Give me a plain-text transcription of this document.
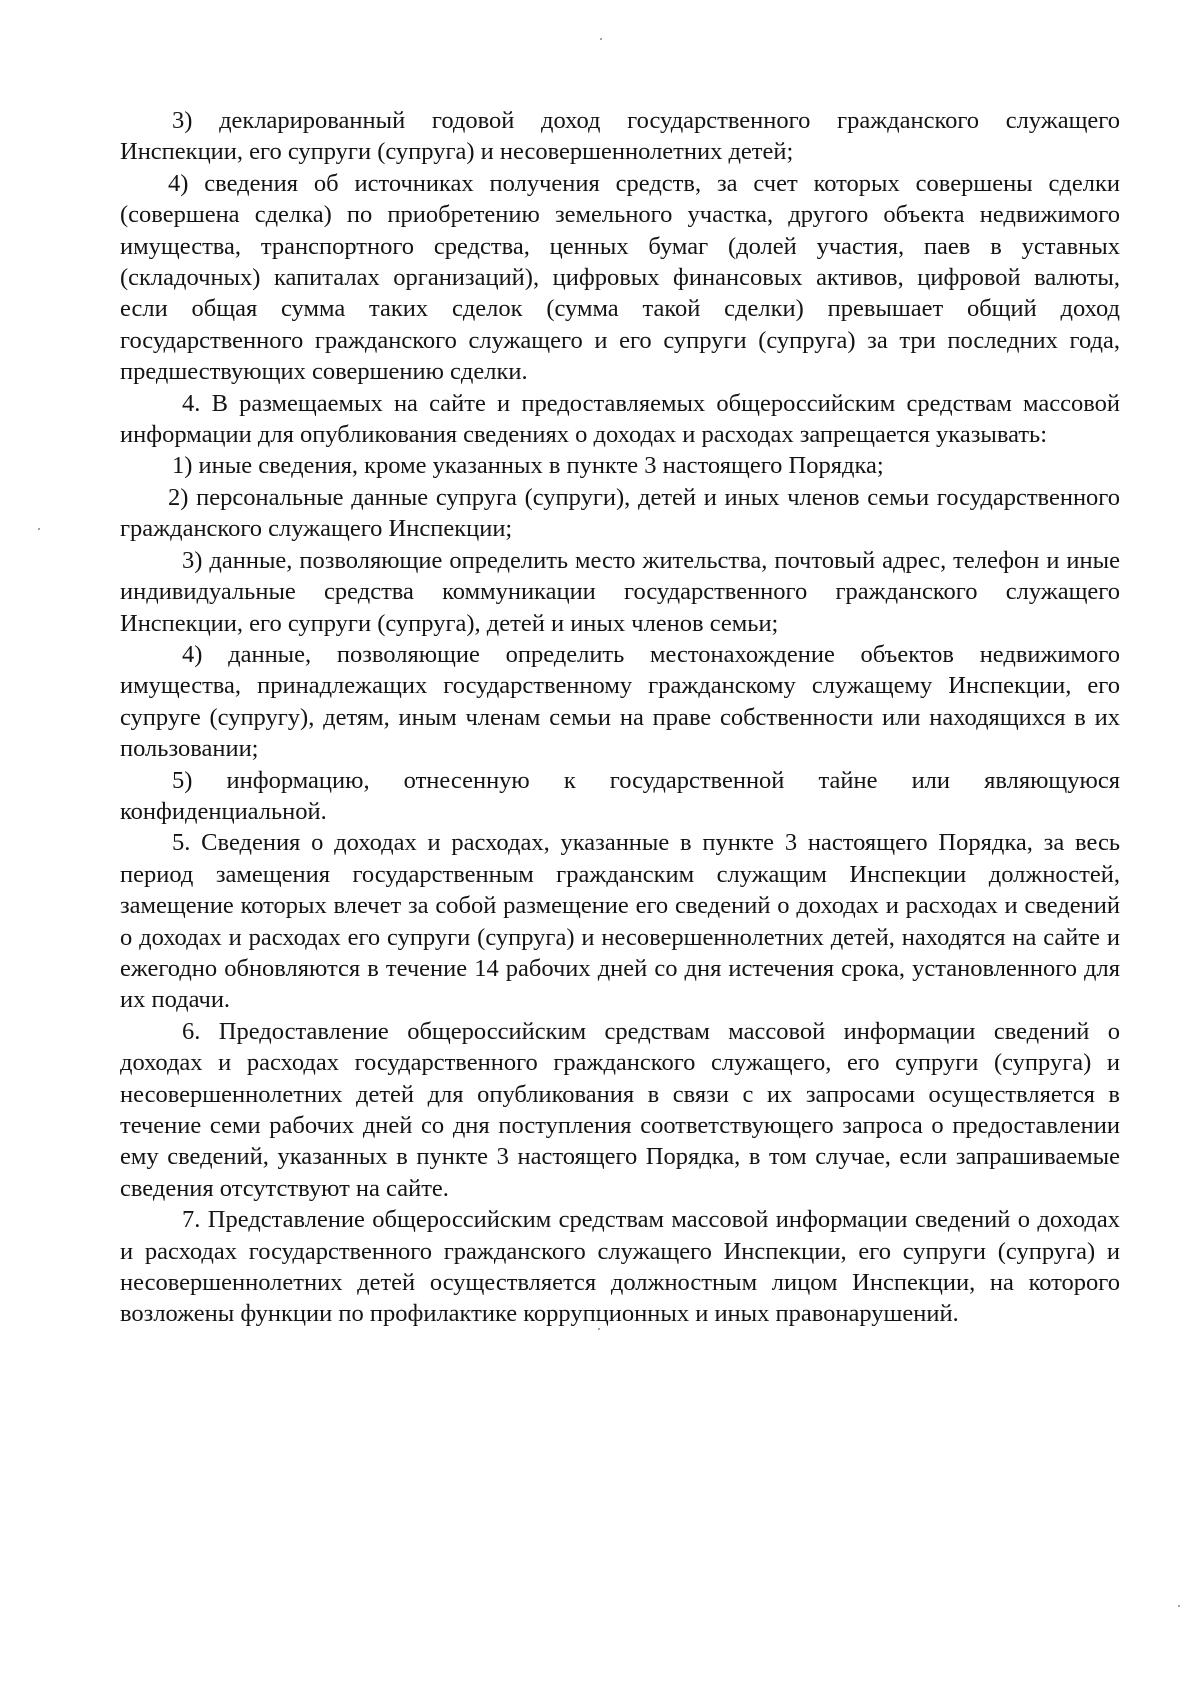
3) декларированный годовой доход государственного гражданского служащего Инспекции, его супруги (супруга) и несовершеннолетних детей;

4) сведения об источниках получения средств, за счет которых совершены сделки (совершена сделка) по приобретению земельного участка, другого объекта недвижимого имущества, транспортного средства, ценных бумаг (долей участия, паев в уставных (складочных) капиталах организаций), цифровых финансовых активов, цифровой валюты, если общая сумма таких сделок (сумма такой сделки) превышает общий доход государственного гражданского служащего и его супруги (супруга) за три последних года, предшествующих совершению сделки.

4. В размещаемых на сайте и предоставляемых общероссийским средствам массовой информации для опубликования сведениях о доходах и расходах запрещается указывать:

1) иные сведения, кроме указанных в пункте 3 настоящего Порядка;

2) персональные данные супруга (супруги), детей и иных членов семьи государственного гражданского служащего Инспекции;

3) данные, позволяющие определить место жительства, почтовый адрес, телефон и иные индивидуальные средства коммуникации государственного гражданского служащего Инспекции, его супруги (супруга), детей и иных членов семьи;

4) данные, позволяющие определить местонахождение объектов недвижимого имущества, принадлежащих государственному гражданскому служащему Инспекции, его супруге (супругу), детям, иным членам семьи на праве собственности или находящихся в их пользовании;

5) информацию, отнесенную к государственной тайне или являющуюся конфиденциальной.

5. Сведения о доходах и расходах, указанные в пункте 3 настоящего Порядка, за весь период замещения государственным гражданским служащим Инспекции должностей, замещение которых влечет за собой размещение его сведений о доходах и расходах и сведений о доходах и расходах его супруги (супруга) и несовершеннолетних детей, находятся на сайте и ежегодно обновляются в течение 14 рабочих дней со дня истечения срока, установленного для их подачи.

6. Предоставление общероссийским средствам массовой информации сведений о доходах и расходах государственного гражданского служащего, его супруги (супруга) и несовершеннолетних детей для опубликования в связи с их запросами осуществляется в течение семи рабочих дней со дня поступления соответствующего запроса о предоставлении ему сведений, указанных в пункте 3 настоящего Порядка, в том случае, если запрашиваемые сведения отсутствуют на сайте.

7. Представление общероссийским средствам массовой информации сведений о доходах и расходах государственного гражданского служащего Инспекции, его супруги (супруга) и несовершеннолетних детей осуществляется должностным лицом Инспекции, на которого возложены функции по профилактике коррупционных и иных правонарушений.
